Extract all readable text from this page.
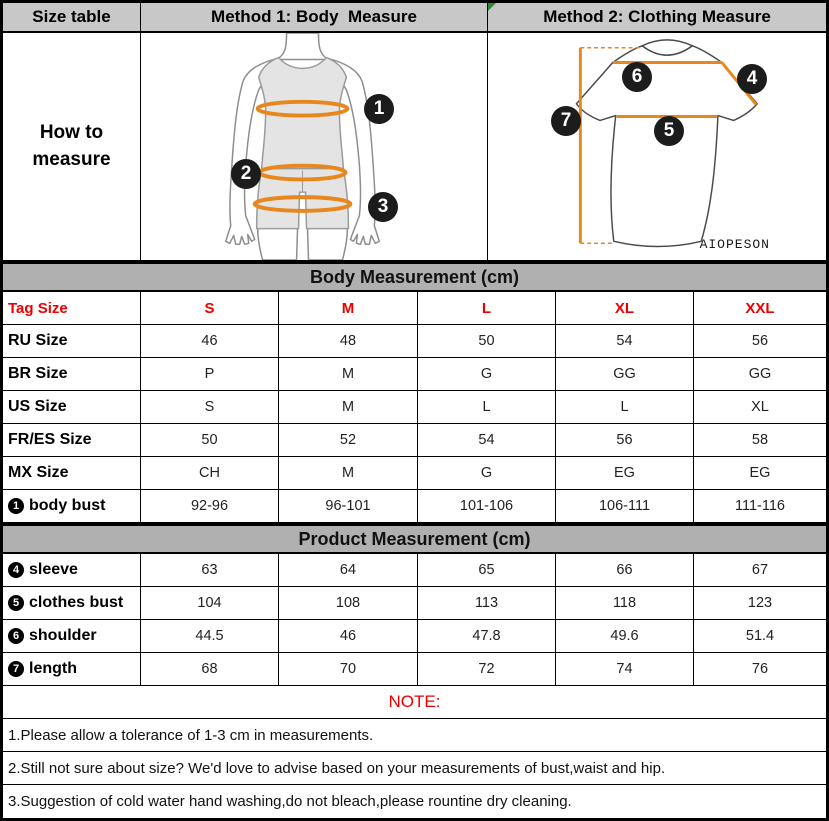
Size table	Method 1: Body  Measure	Method 2: Clothing Measure
How to measure
1
2
3
6	4
7	5
AIOPESON
Body Measurement (cm)
Tag Size	S	M	L	XL	XXL
RU Size	46	48	50	54	56
BR Size	P	M	G	GG	GG
US Size	S	M	L	L	XL
FR/ES Size	50	52	54	56	58
MX Size	CH	M	G	EG	EG
1 body bust	92-96	96-101	101-106	106-111	111-116
Product Measurement (cm)
4 sleeve	63	64	65	66	67
5 clothes bust	104	108	113	118	123
6 shoulder	44.5	46	47.8	49.6	51.4
7 length	68	70	72	74	76
NOTE:
1.Please allow a tolerance of 1-3 cm in measurements.
2.Still not sure about size? We'd love to advise based on your measurements of bust,waist and hip.
3.Suggestion of cold water hand washing,do not bleach,please rountine dry cleaning.
